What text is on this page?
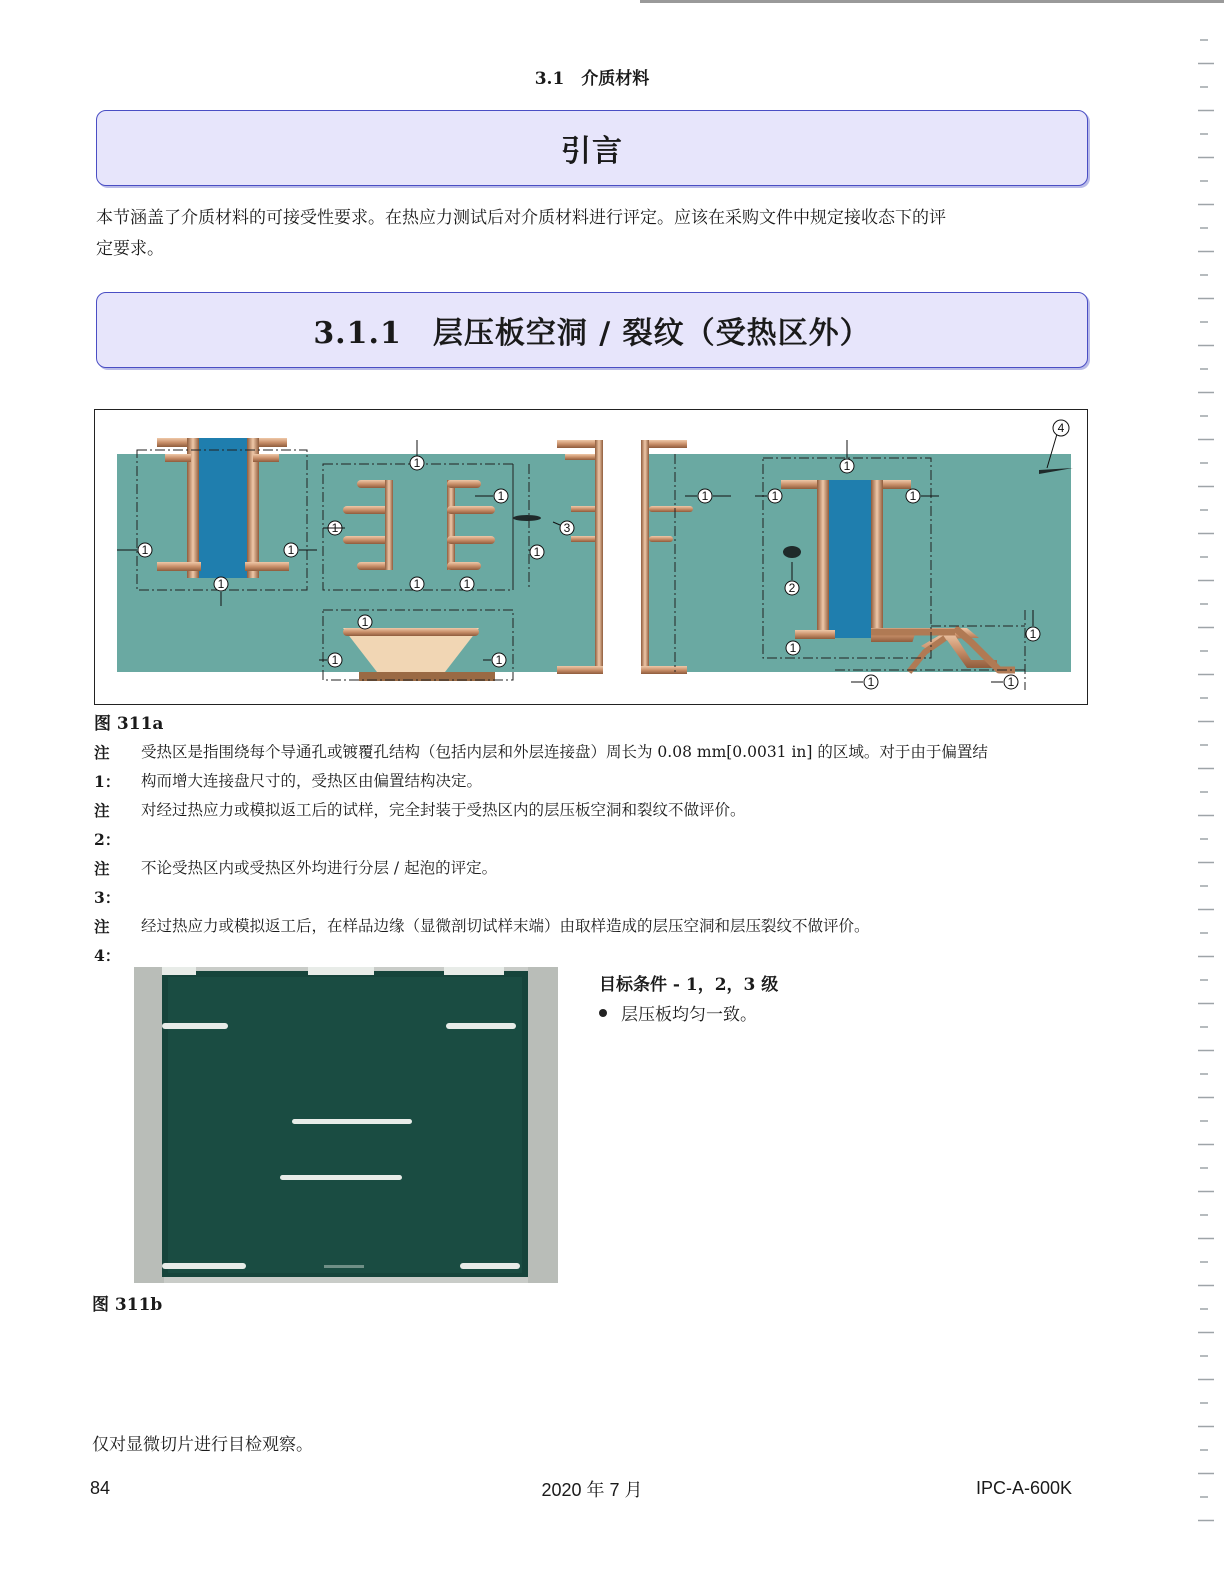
3.1　介质材料
引言
本节涵盖了介质材料的可接受性要求。在热应力测试后对介质材料进行评定。应该在采购文件中规定接收态下的评
定要求。
3.1.1　层压板空洞 / 裂纹（受热区外）
1	1
1
1
1
1
1	1
1
1
1	1
1	1	1
1
1
1
1	1
2
3
4
图 311a
注 1：
受热区是指围绕每个导通孔或镀覆孔结构（包括内层和外层连接盘）周长为 0.08 mm[0.0031 in] 的区域。对于由于偏置结
构而增大连接盘尺寸的，受热区由偏置结构决定。
注 2：
对经过热应力或模拟返工后的试样，完全封装于受热区内的层压板空洞和裂纹不做评价。
注 3：
不论受热区内或受热区外均进行分层 / 起泡的评定。
注 4：
经过热应力或模拟返工后，在样品边缘（显微剖切试样末端）由取样造成的层压空洞和层压裂纹不做评价。
图 311b
目标条件 - 1，2，3 级
层压板均匀一致。
仅对显微切片进行目检观察。
84	2020 年 7 月	IPC-A-600K
